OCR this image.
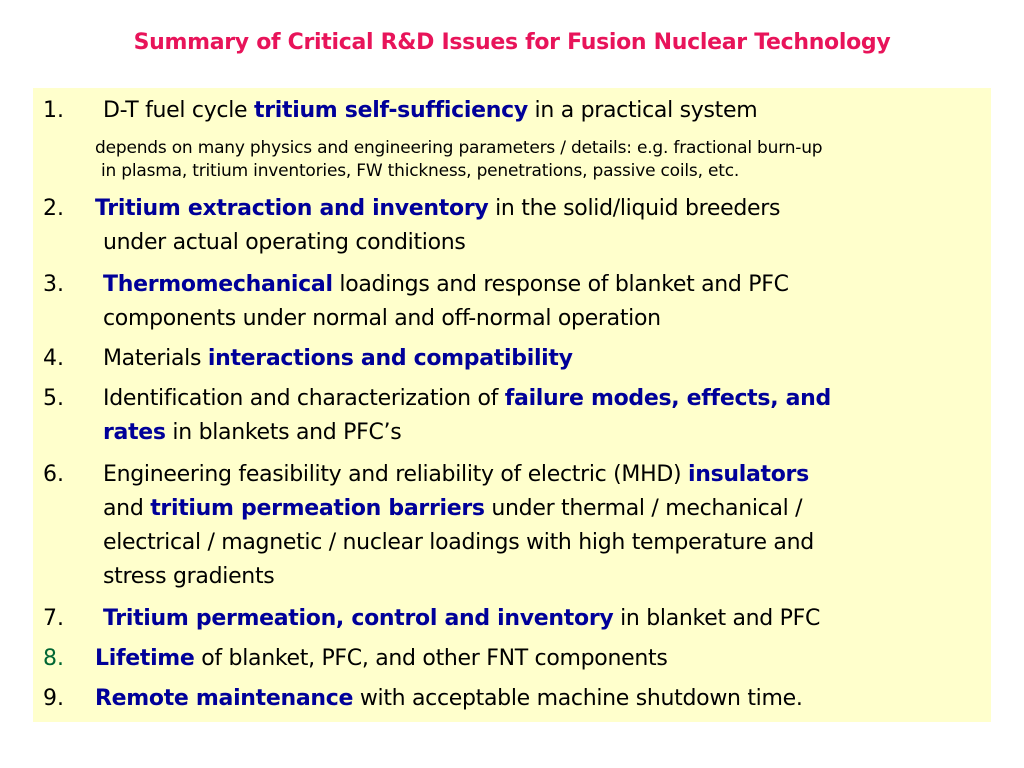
Summary of Critical R&D Issues for Fusion Nuclear Technology
1. D-T fuel cycle tritium self-sufficiency in a practical system
depends on many physics and engineering parameters / details: e.g. fractional burn-up
in plasma, tritium inventories, FW thickness, penetrations, passive coils, etc.
2. Tritium extraction and inventory in the solid/liquid breeders
under actual operating conditions
3. Thermomechanical loadings and response of blanket and PFC
components under normal and off-normal operation
4. Materials interactions and compatibility
5. Identification and characterization of failure modes, effects, and
rates in blankets and PFC’s
6. Engineering feasibility and reliability of electric (MHD) insulators
and tritium permeation barriers under thermal / mechanical /
electrical / magnetic / nuclear loadings with high temperature and
stress gradients
7. Tritium permeation, control and inventory in blanket and PFC
8. Lifetime of blanket, PFC, and other FNT components
9. Remote maintenance with acceptable machine shutdown time.
